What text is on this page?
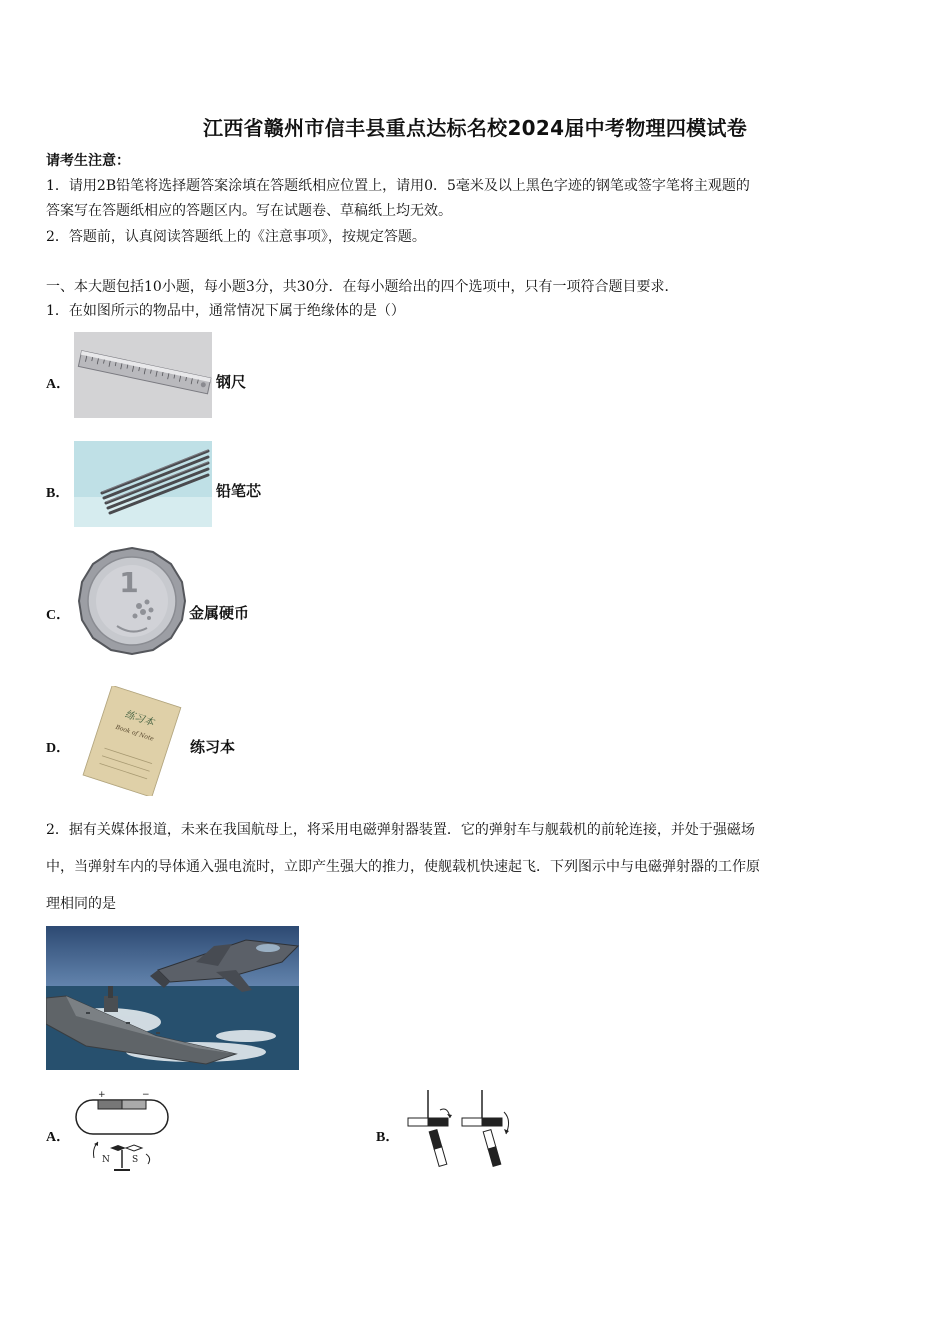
江西省赣州市信丰县重点达标名校2024届中考物理四模试卷
请考生注意：
1．请用2B铅笔将选择题答案涂填在答题纸相应位置上，请用0．5毫米及以上黑色字迹的钢笔或签字笔将主观题的
答案写在答题纸相应的答题区内。写在试题卷、草稿纸上均无效。
2．答题前，认真阅读答题纸上的《注意事项》，按规定答题。
一、本大题包括10小题，每小题3分，共30分．在每小题给出的四个选项中，只有一项符合题目要求．
1．在如图所示的物品中，通常情况下属于绝缘体的是（）
A．	钢尺
B．	铅笔芯
C．
1
金属硬币
D．
练习本
Book of Note
练习本
2．据有关媒体报道，未来在我国航母上，将采用电磁弹射器装置．它的弹射车与舰载机的前轮连接，并处于强磁场
中，当弹射车内的导体通入强电流时，立即产生强大的推力，使舰载机快速起飞．下列图示中与电磁弹射器的工作原
理相同的是
A．
+	−
N S
B．
